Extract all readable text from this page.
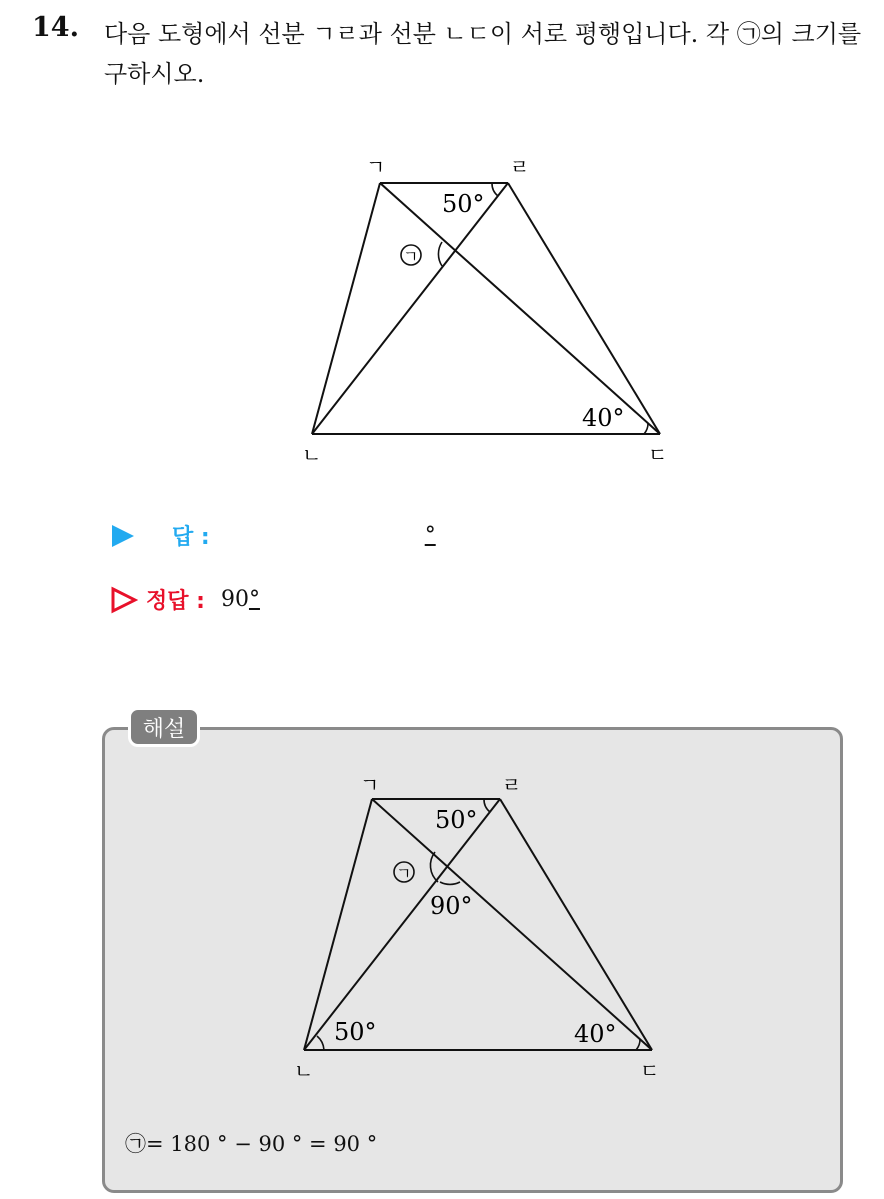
14. 다음 도형에서 선분 ㄱㄹ과 선분 ㄴㄷ이 서로 평행입니다. 각 ㉠의 크기를 구하시오.
ㄱ	ㄹ
ㄴ	ㄷ
50°
40°
ㄱ
답 :	°
정답 : 90°
해설
ㄱ	ㄹ
ㄴ	ㄷ
50°
90°
50°	40°
ㄱ
㉠= 180 ° − 90 ° = 90 °
